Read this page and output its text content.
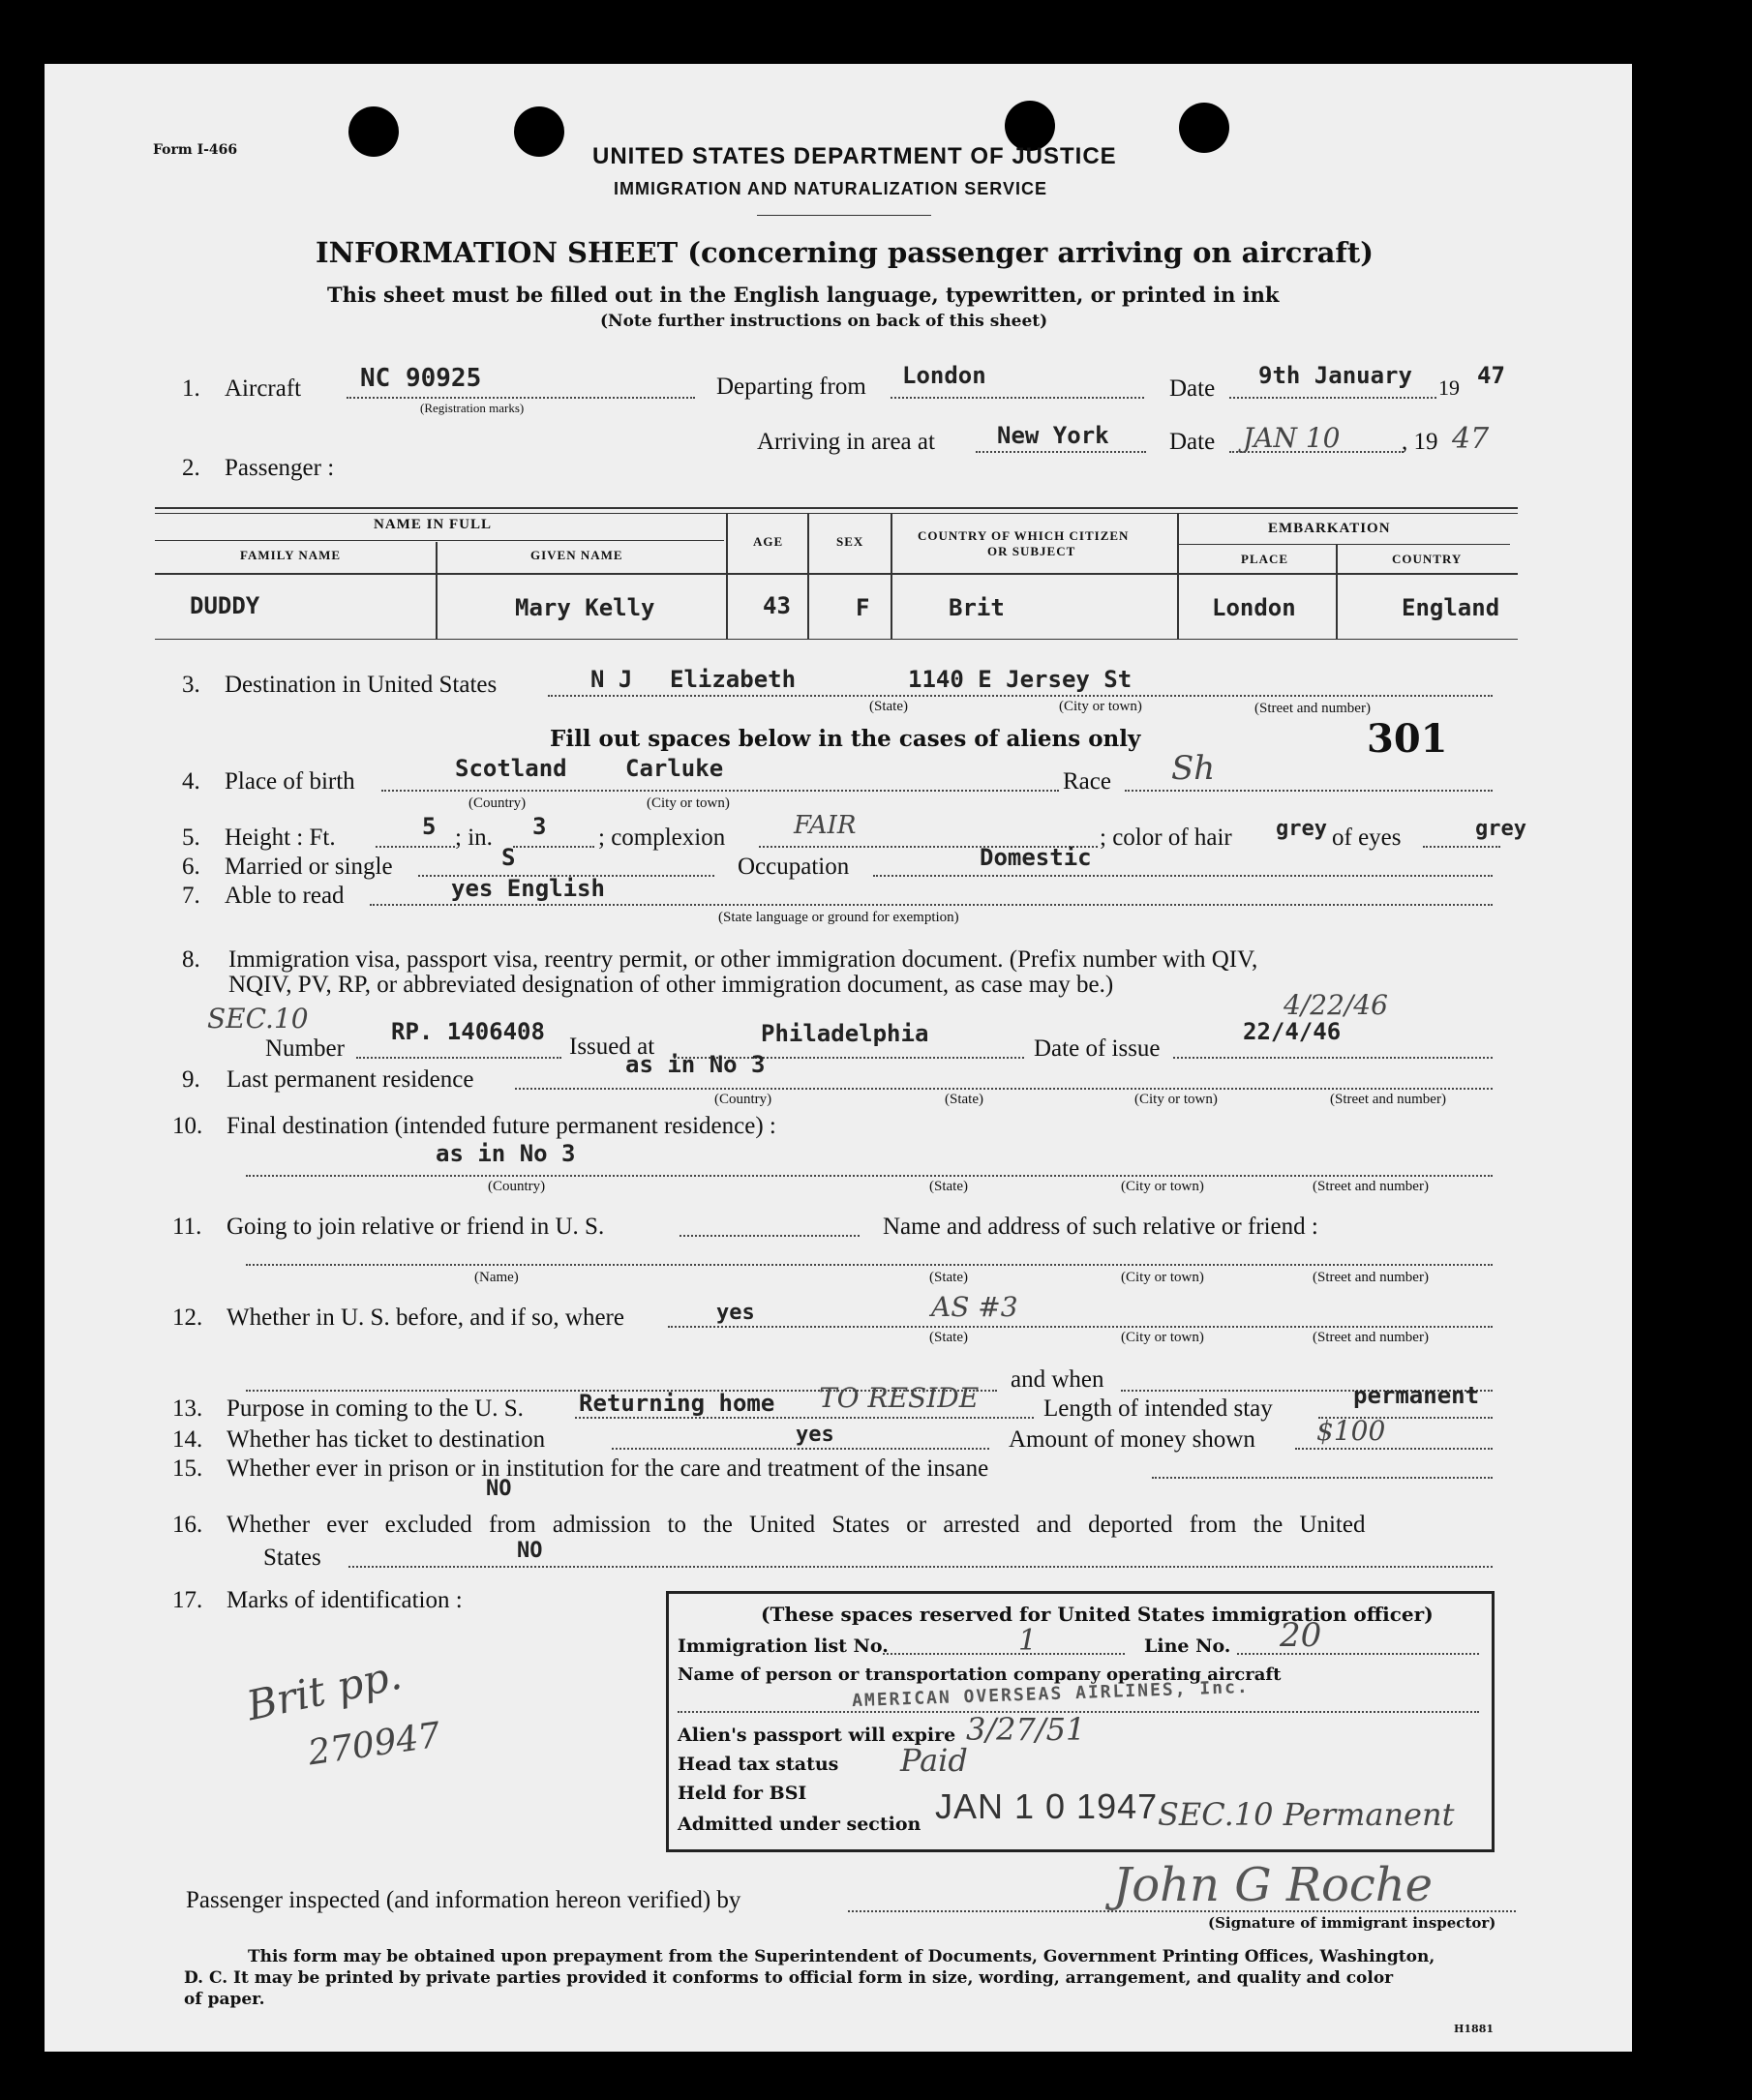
Form I-466	UNITED STATES DEPARTMENT OF JUSTICE
IMMIGRATION AND NATURALIZATION SERVICE
INFORMATION SHEET (concerning passenger arriving on aircraft)
This sheet must be filled out in the English language, typewritten, or printed in ink
(Note further instructions on back of this sheet)
1. Aircraft NC 90925
(Registration marks)
Departing from London	Date 9th January 19 47
Arriving in area at	New York Date JAN 10	, 19 47
2. Passenger :
NAME IN FULL
FAMILY NAME	GIVEN NAME
AGE	SEX	COUNTRY OF WHICH CITIZEN
OR SUBJECT
EMBARKATION
PLACE	COUNTRY
DUDDY	Mary Kelly	43	F	Brit	London	England
3. Destination in United States	N J Elizabeth	1140 E Jersey St
(State)	(City or town)	(Street and number)
Fill out spaces below in the cases of aliens only	301
4. Place of birth	Scotland	Carluke
(Country)	(City or town)
Race Sh
5. Height : Ft.	5 ; in. 3 ; complexion	FAIR	; color of hair grey of eyes	grey
6. Married or single	S	Occupation	Domestic
7. Able to read	yes English
(State language or ground for exemption)
8. Immigration visa, passport visa, reentry permit, or other immigration document. (Prefix number with QIV,
NQIV, PV, RP, or abbreviated designation of other immigration document, as case may be.)
SEC.10
Number
RP. 1406408
Issued at	Philadelphia
Date of issue
22/4/46
4/22/46
9. Last permanent residence
as in No 3
(Country)	(State)	(City or town)	(Street and number)
10. Final destination (intended future permanent residence) :
as in No 3
(Country)	(State)	(City or town)	(Street and number)
11. Going to join relative or friend in U. S.	Name and address of such relative or friend :
(Name)	(State)	(City or town)	(Street and number)
12. Whether in U. S. before, and if so, where	yes	AS #3
(State)	(City or town)	(Street and number)
and when
13. Purpose in coming to the U. S. Returning home TO RESIDE	Length of intended stay	permanent
14. Whether has ticket to destination	yes	Amount of money shown $100
15. Whether ever in prison or in institution for the care and treatment of the insane
NO
16. Whether ever excluded from admission to the United States or arrested and deported from the United
States	NO
17. Marks of identification :
Brit pp.
270947
(These spaces reserved for United States immigration officer)
Immigration list No.	1	Line No. 20
Name of person or transportation company operating aircraft
AMERICAN OVERSEAS AIRLINES, Inc.
Alien's passport will expire 3/27/51
Head tax status Paid
Held for BSI	JAN 1 0 1947
Admitted under section	SEC.10 Permanent
Passenger inspected (and information hereon verified) by	John G Roche
(Signature of immigrant inspector)
This form may be obtained upon prepayment from the Superintendent of Documents, Government Printing Offices, Washington,
D. C. It may be printed by private parties provided it conforms to official form in size, wording, arrangement, and quality and color
of paper.
H1881
